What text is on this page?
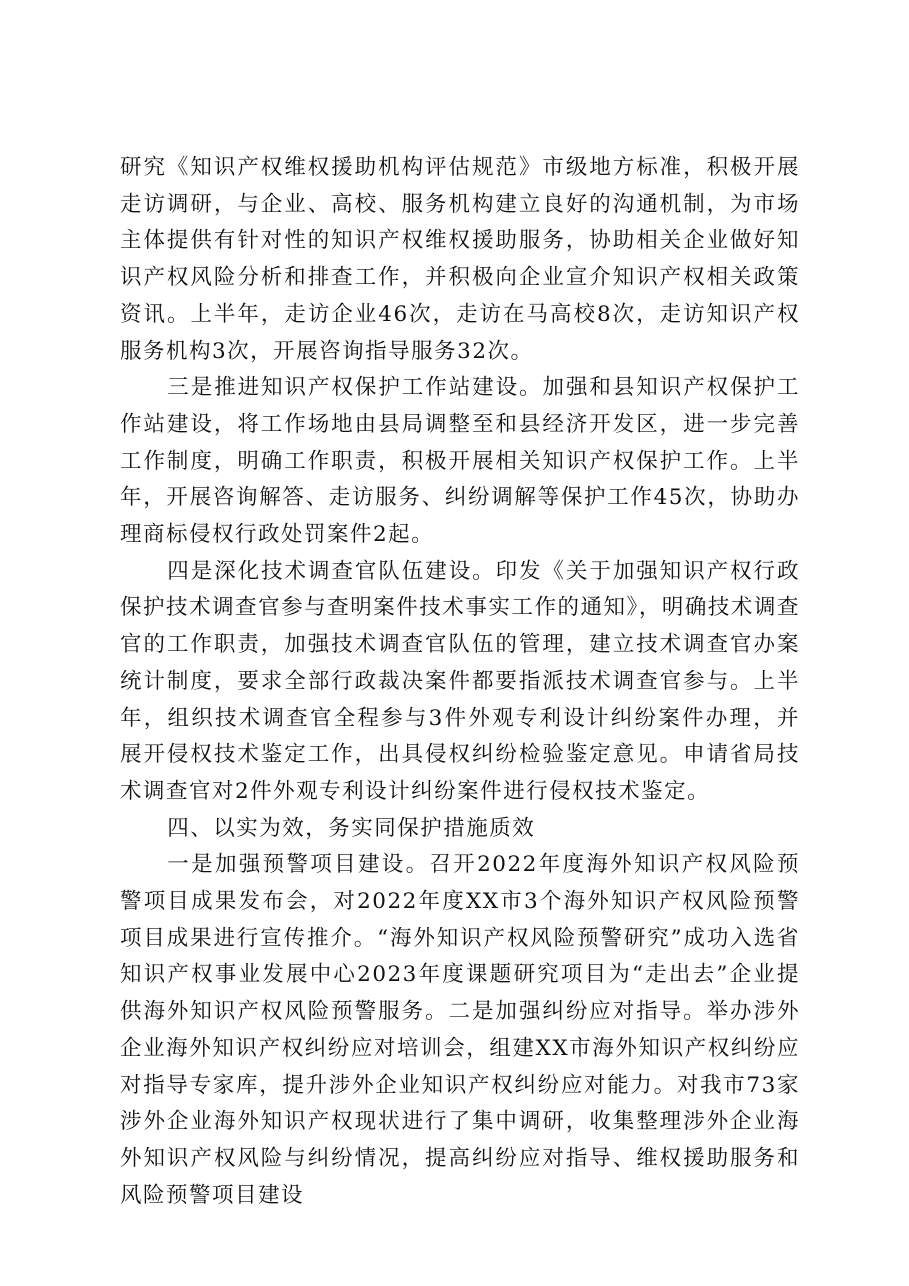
研究《知识产权维权援助机构评估规范》市级地方标准，积极开展走访调研，与企业、高校、服务机构建立良好的沟通机制，为市场主体提供有针对性的知识产权维权援助服务，协助相关企业做好知识产权风险分析和排查工作，并积极向企业宣介知识产权相关政策资讯。上半年，走访企业46次，走访在马高校8次，走访知识产权服务机构3次，开展咨询指导服务32次。

三是推进知识产权保护工作站建设。加强和县知识产权保护工作站建设，将工作场地由县局调整至和县经济开发区，进一步完善工作制度，明确工作职责，积极开展相关知识产权保护工作。上半年，开展咨询解答、走访服务、纠纷调解等保护工作45次，协助办理商标侵权行政处罚案件2起。

四是深化技术调查官队伍建设。印发《关于加强知识产权行政保护技术调查官参与查明案件技术事实工作的通知》，明确技术调查官的工作职责，加强技术调查官队伍的管理，建立技术调查官办案统计制度，要求全部行政裁决案件都要指派技术调查官参与。上半年，组织技术调查官全程参与3件外观专利设计纠纷案件办理，并展开侵权技术鉴定工作，出具侵权纠纷检验鉴定意见。申请省局技术调查官对2件外观专利设计纠纷案件进行侵权技术鉴定。

四、以实为效，务实同保护措施质效

一是加强预警项目建设。召开2022年度海外知识产权风险预警项目成果发布会，对2022年度XX市3个海外知识产权风险预警项目成果进行宣传推介。“海外知识产权风险预警研究”成功入选省知识产权事业发展中心2023年度课题研究项目为“走出去”企业提供海外知识产权风险预警服务。二是加强纠纷应对指导。举办涉外企业海外知识产权纠纷应对培训会，组建XX市海外知识产权纠纷应对指导专家库，提升涉外企业知识产权纠纷应对能力。对我市73家涉外企业海外知识产权现状进行了集中调研，收集整理涉外企业海外知识产权风险与纠纷情况，提高纠纷应对指导、维权援助服务和风险预警项目建设
